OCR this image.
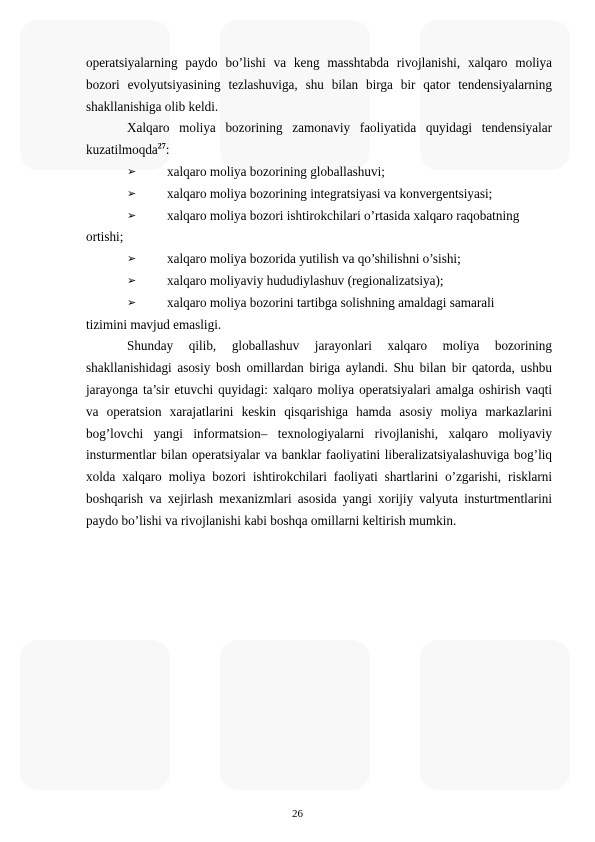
operatsiyalarning paydo bo’lishi va keng masshtabda rivojlanishi, xalqaro moliya bozori evolyutsiyasining tezlashuviga, shu bilan birga bir qator tendensiyalarning shakllanishiga olib keldi.

Xalqaro moliya bozorining zamonaviy faoliyatida quyidagi tendensiyalar kuzatilmoqda$^{27}$:

➢ xalqaro moliya bozorining globallashuvi;
➢ xalqaro moliya bozorining integratsiyasi va konvergentsiyasi;
➢ xalqaro moliya bozori ishtirokchilari o’rtasida xalqaro raqobatning
ortishi;
➢ xalqaro moliya bozorida yutilish va qo’shilishni o’sishi;
➢ xalqaro moliyaviy hududiylashuv (regionalizatsiya);
➢ xalqaro moliya bozorini tartibga solishning amaldagi samarali
tizimini mavjud emasligi.

Shunday qilib, globallashuv jarayonlari xalqaro moliya bozorining shakllanishidagi asosiy bosh omillardan biriga aylandi. Shu bilan bir qatorda, ushbu jarayonga ta’sir etuvchi quyidagi: xalqaro moliya operatsiyalari amalga oshirish vaqti va operatsion xarajatlarini keskin qisqarishiga hamda asosiy moliya markazlarini bog’lovchi yangi informatsion– texnologiyalarni rivojlanishi, xalqaro moliyaviy insturmentlar bilan operatsiyalar va banklar faoliyatini liberalizatsiyalashuviga bog’liq xolda xalqaro moliya bozori ishtirokchilari faoliyati shartlarini o’zgarishi, risklarni boshqarish va xejirlash mexanizmlari asosida yangi xorijiy valyuta insturtmentlarini paydo bo’lishi va rivojlanishi kabi boshqa omillarni keltirish mumkin.

26
